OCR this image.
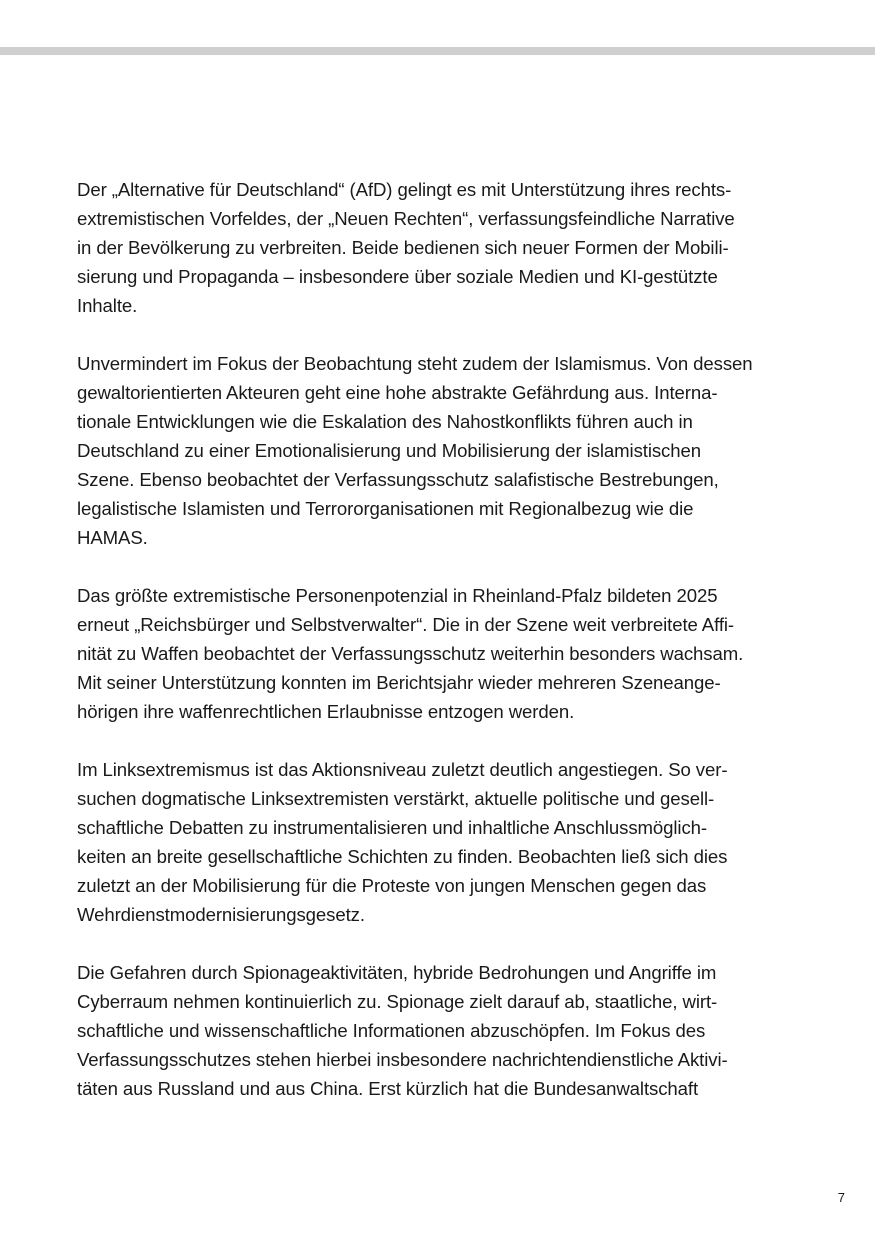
Der „Alternative für Deutschland“ (AfD) gelingt es mit Unterstützung ihres rechts-
extremistischen Vorfeldes, der „Neuen Rechten“, verfassungsfeindliche Narrative
in der Bevölkerung zu verbreiten. Beide bedienen sich neuer Formen der Mobili-
sierung und Propaganda – insbesondere über soziale Medien und KI-gestützte
Inhalte.

Unvermindert im Fokus der Beobachtung steht zudem der Islamismus. Von dessen
gewaltorientierten Akteuren geht eine hohe abstrakte Gefährdung aus. Interna-
tionale Entwicklungen wie die Eskalation des Nahostkonflikts führen auch in
Deutschland zu einer Emotionalisierung und Mobilisierung der islamistischen
Szene. Ebenso beobachtet der Verfassungsschutz salafistische Bestrebungen,
legalistische Islamisten und Terrororganisationen mit Regionalbezug wie die
HAMAS.

Das größte extremistische Personenpotenzial in Rheinland-Pfalz bildeten 2025
erneut „Reichsbürger und Selbstverwalter“. Die in der Szene weit verbreitete Affi-
nität zu Waffen beobachtet der Verfassungsschutz weiterhin besonders wachsam.
Mit seiner Unterstützung konnten im Berichtsjahr wieder mehreren Szeneange-
hörigen ihre waffenrechtlichen Erlaubnisse entzogen werden.

Im Linksextremismus ist das Aktionsniveau zuletzt deutlich angestiegen. So ver-
suchen dogmatische Linksextremisten verstärkt, aktuelle politische und gesell-
schaftliche Debatten zu instrumentalisieren und inhaltliche Anschlussmöglich-
keiten an breite gesellschaftliche Schichten zu finden. Beobachten ließ sich dies
zuletzt an der Mobilisierung für die Proteste von jungen Menschen gegen das
Wehrdienstmodernisierungsgesetz.

Die Gefahren durch Spionageaktivitäten, hybride Bedrohungen und Angriffe im
Cyberraum nehmen kontinuierlich zu. Spionage zielt darauf ab, staatliche, wirt-
schaftliche und wissenschaftliche Informationen abzuschöpfen. Im Fokus des
Verfassungsschutzes stehen hierbei insbesondere nachrichtendienstliche Aktivi-
täten aus Russland und aus China. Erst kürzlich hat die Bundesanwaltschaft

7
